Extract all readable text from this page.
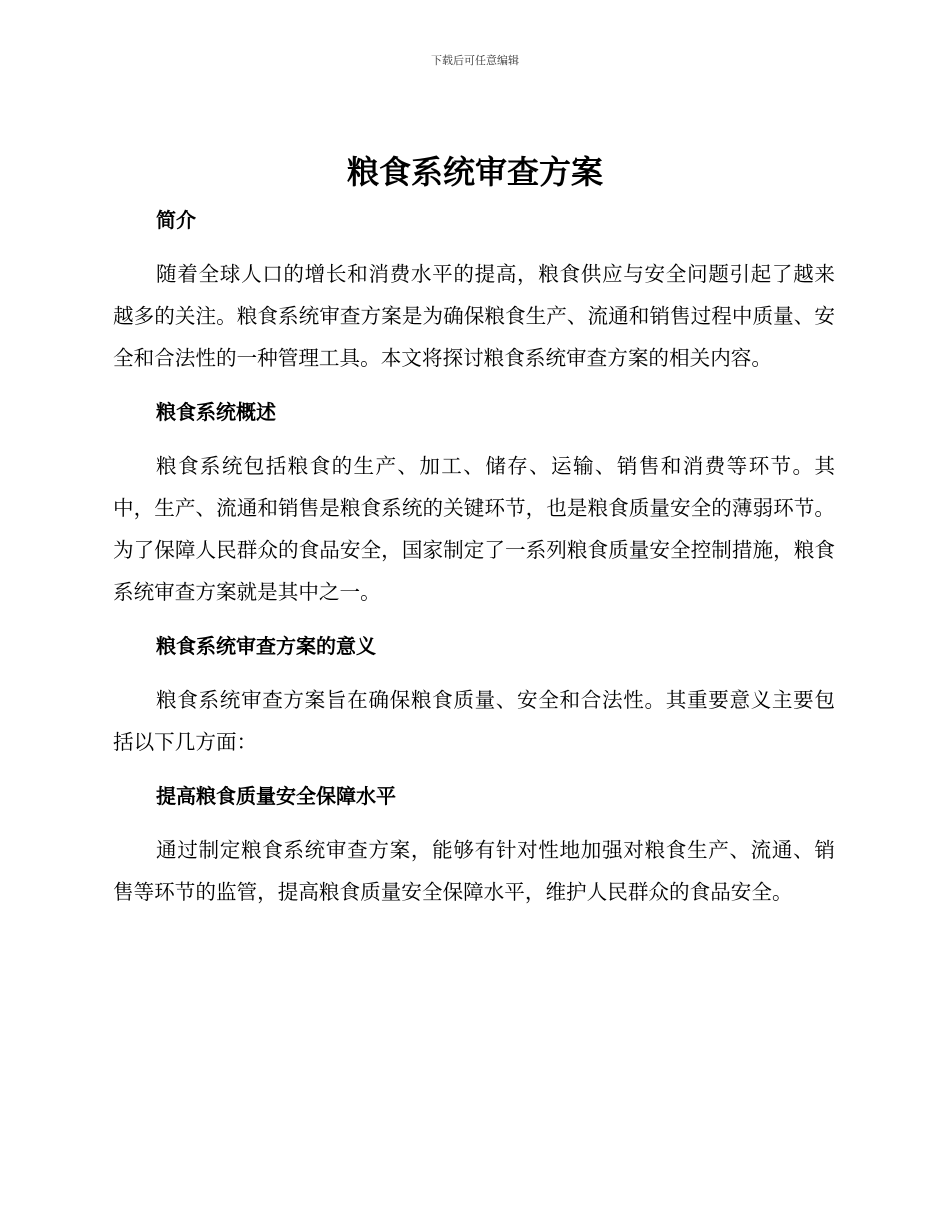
下载后可任意编辑
粮食系统审查方案
简介

随着全球人口的增长和消费水平的提高，粮食供应与安全问题引起了越来越多的关注。粮食系统审查方案是为确保粮食生产、流通和销售过程中质量、安全和合法性的一种管理工具。本文将探讨粮食系统审查方案的相关内容。

粮食系统概述

粮食系统包括粮食的生产、加工、储存、运输、销售和消费等环节。其中，生产、流通和销售是粮食系统的关键环节，也是粮食质量安全的薄弱环节。为了保障人民群众的食品安全，国家制定了一系列粮食质量安全控制措施，粮食系统审查方案就是其中之一。

粮食系统审查方案的意义

粮食系统审查方案旨在确保粮食质量、安全和合法性。其重要意义主要包括以下几方面：

提高粮食质量安全保障水平

通过制定粮食系统审查方案，能够有针对性地加强对粮食生产、流通、销售等环节的监管，提高粮食质量安全保障水平，维护人民群众的食品安全。
